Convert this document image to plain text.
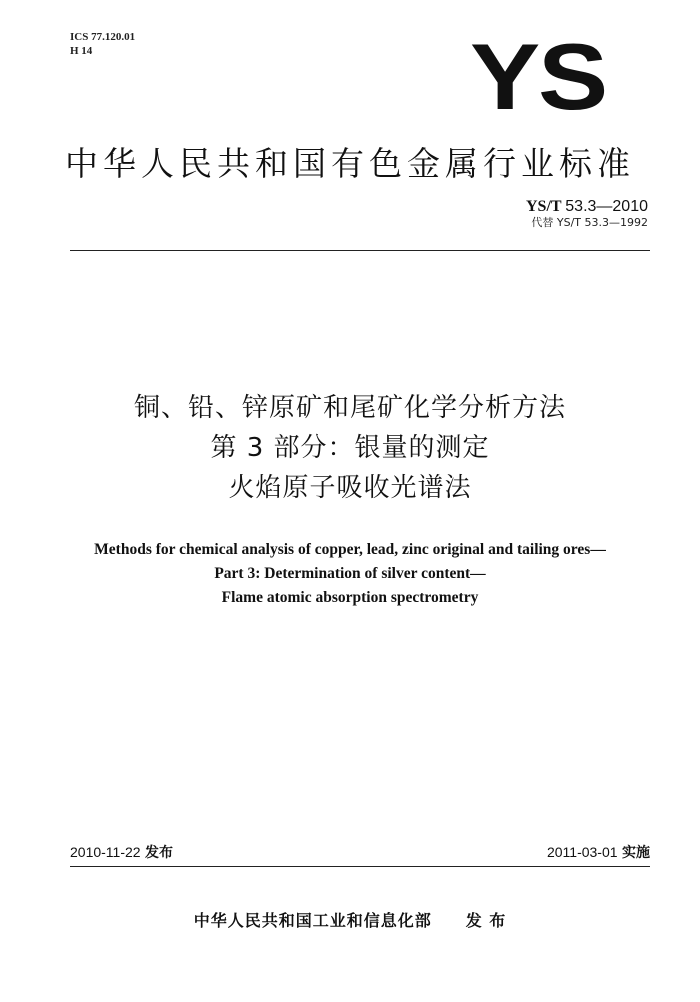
ICS 77.120.01
H 14	YS
中华人民共和国有色金属行业标准
YS/T 53.3—2010
代替 YS/T 53.3—1992
铜、铅、锌原矿和尾矿化学分析方法
第 3 部分：银量的测定
火焰原子吸收光谱法
Methods for chemical analysis of copper, lead, zinc original and tailing ores—
Part 3: Determination of silver content—
Flame atomic absorption spectrometry
2010-11-22 发布	2011-03-01 实施
中华人民共和国工业和信息化部 发 布
